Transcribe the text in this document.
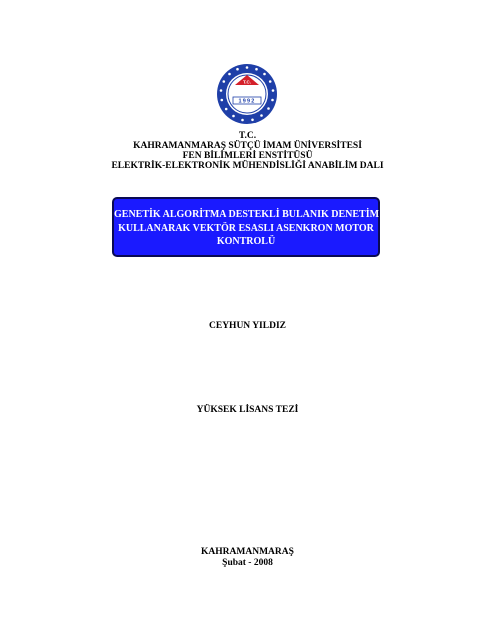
T.C.
1992
T.C.
KAHRAMANMARAŞ SÜTÇÜ İMAM ÜNİVERSİTESİ
FEN BİLİMLERİ ENSTİTÜSÜ
ELEKTRİK-ELEKTRONİK MÜHENDİSLİĞİ ANABİLİM DALI
GENETİK ALGORİTMA DESTEKLİ BULANIK DENETİM
KULLANARAK VEKTÖR ESASLI ASENKRON MOTOR
KONTROLÜ
CEYHUN YILDIZ
YÜKSEK LİSANS TEZİ
KAHRAMANMARAŞ
Şubat - 2008
